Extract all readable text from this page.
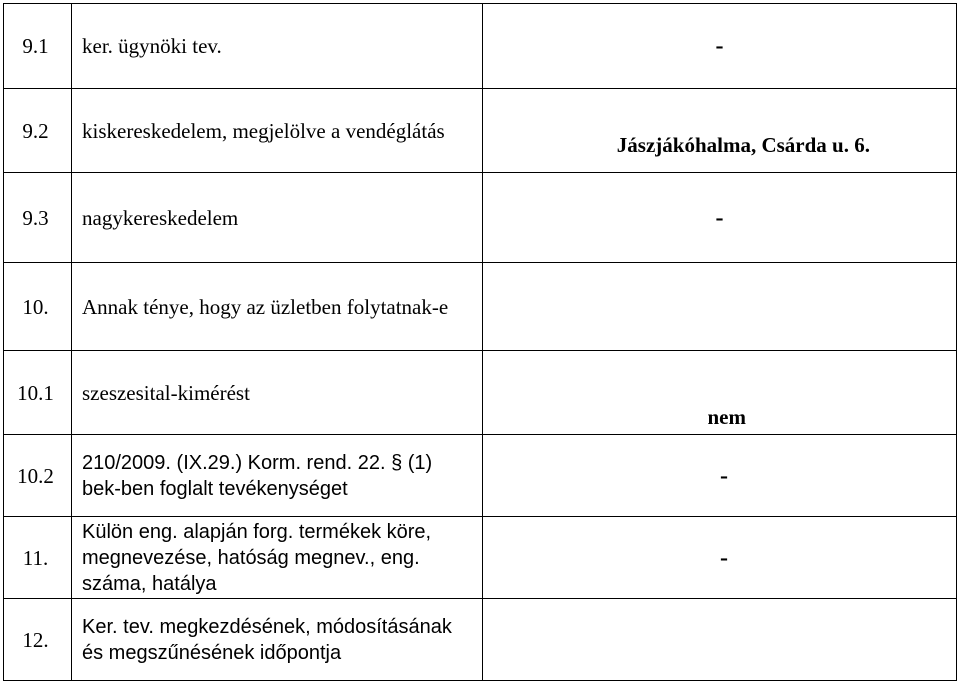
9.1	ker. ügynöki tev.	-
9.2	kiskereskedelem, megjelölve a vendéglátás	Jászjákóhalma, Csárda u. 6.
9.3	nagykereskedelem	-
10.	Annak ténye, hogy az üzletben folytatnak-e	
10.1	szeszesital-kimérést	nem
10.2	210/2009. (IX.29.) Korm. rend. 22. § (1) bek-ben foglalt tevékenységet	-
11.	Külön eng. alapján forg. termékek köre, megnevezése, hatóság megnev., eng. száma, hatálya	-
12.	Ker. tev. megkezdésének, módosításának és megszűnésének időpontja	
